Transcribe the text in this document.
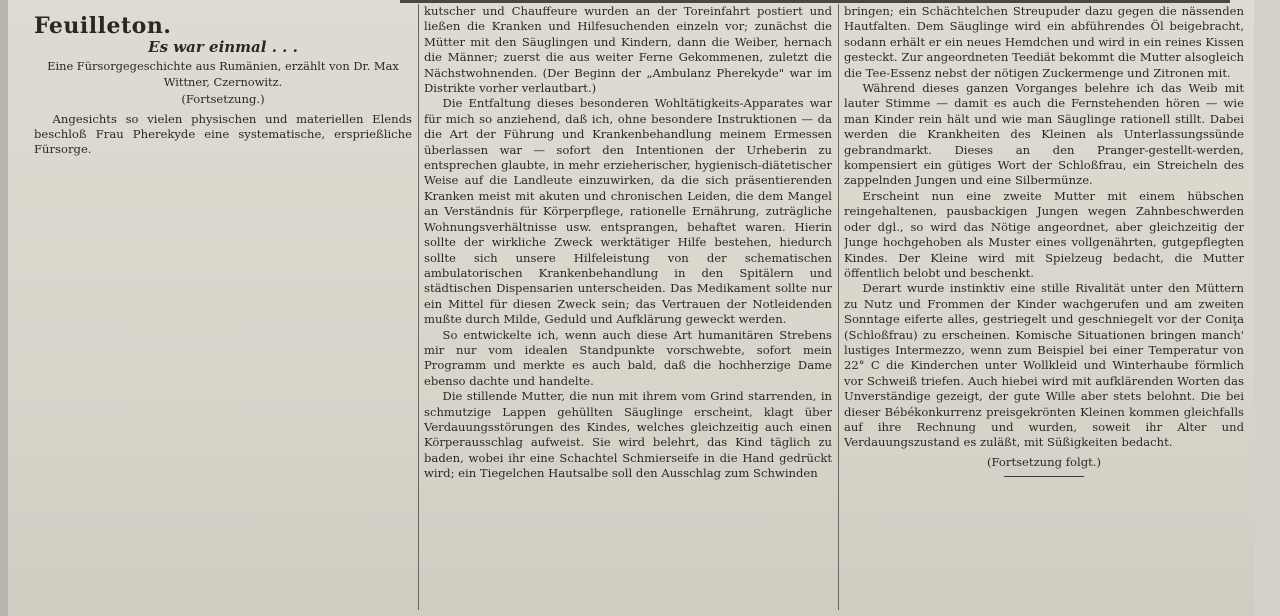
Feuilleton.
Es war einmal . . .
Eine Fürsorgegeschichte aus Rumänien, erzählt von Dr. Max Wittner, Czernowitz.
(Fortsetzung.)

Angesichts so vielen physischen und materiellen Elends beschloß Frau Pherekyde eine systematische, ersprießliche Fürsorge.

kutscher und Chauffeure wurden an der Toreinfahrt postiert und ließen die Kranken und Hilfesuchenden einzeln vor; zunächst die Mütter mit den Säuglingen und Kindern, dann die Weiber, hernach die Männer; zuerst die aus weiter Ferne Gekommenen, zuletzt die Nächstwohnenden. (Der Beginn der „Ambulanz Pherekyde" war im Distrikte vorher verlautbart.)

Die Entfaltung dieses besonderen Wohltätigkeits-Apparates war für mich so anziehend, daß ich, ohne besondere Instruktionen — da die Art der Führung und Krankenbehandlung meinem Ermessen überlassen war — sofort den Intentionen der Urheberin zu entsprechen glaubte, in mehr erzieherischer, hygienisch-diätetischer Weise auf die Landleute einzuwirken, da die sich präsentierenden Kranken meist mit akuten und chronischen Leiden, die dem Mangel an Verständnis für Körperpflege, rationelle Ernährung, zuträgliche Wohnungsverhältnisse usw. entsprangen, behaftet waren. Hierin sollte der wirkliche Zweck werktätiger Hilfe bestehen, hiedurch sollte sich unsere Hilfeleistung von der schematischen ambulatorischen Krankenbehandlung in den Spitälern und städtischen Dispensarien unterscheiden. Das Medikament sollte nur ein Mittel für diesen Zweck sein; das Vertrauen der Notleidenden mußte durch Milde, Geduld und Aufklärung geweckt werden.

So entwickelte ich, wenn auch diese Art humanitären Strebens mir nur vom idealen Standpunkte vorschwebte, sofort mein Programm und merkte es auch bald, daß die hochherzige Dame ebenso dachte und handelte.

Die stillende Mutter, die nun mit ihrem vom Grind starrenden, in schmutzige Lappen gehüllten Säuglinge erscheint, klagt über Verdauungsstörungen des Kindes, welches gleichzeitig auch einen Körperausschlag aufweist. Sie wird belehrt, das Kind täglich zu baden, wobei ihr eine Schachtel Schmierseife in die Hand gedrückt wird; ein Tiegelchen Hautsalbe soll den Ausschlag zum Schwinden

bringen; ein Schächtelchen Streupuder dazu gegen die nässenden Hautfalten. Dem Säuglinge wird ein abführendes Öl beigebracht, sodann erhält er ein neues Hemdchen und wird in ein reines Kissen gesteckt. Zur angeordneten Teediät bekommt die Mutter alsogleich die Tee-Essenz nebst der nötigen Zuckermenge und Zitronen mit.

Während dieses ganzen Vorganges belehre ich das Weib mit lauter Stimme — damit es auch die Fernstehenden hören — wie man Kinder rein hält und wie man Säuglinge rationell stillt. Dabei werden die Krankheiten des Kleinen als Unterlassungssünde gebrandmarkt. Dieses an den Pranger-gestellt-werden, kompensiert ein gütiges Wort der Schloßfrau, ein Streicheln des zappelnden Jungen und eine Silbermünze.

Erscheint nun eine zweite Mutter mit einem hübschen reingehaltenen, pausbackigen Jungen wegen Zahnbeschwerden oder dgl., so wird das Nötige angeordnet, aber gleichzeitig der Junge hochgehoben als Muster eines vollgenährten, gutgepflegten Kindes. Der Kleine wird mit Spielzeug bedacht, die Mutter öffentlich belobt und beschenkt.

Derart wurde instinktiv eine stille Rivalität unter den Müttern zu Nutz und Frommen der Kinder wachgerufen und am zweiten Sonntage eiferte alles, gestriegelt und geschniegelt vor der Coniţa (Schloßfrau) zu erscheinen. Komische Situationen bringen manch' lustiges Intermezzo, wenn zum Beispiel bei einer Temperatur von 22° C die Kinderchen unter Wollkleid und Winterhaube förmlich vor Schweiß triefen. Auch hiebei wird mit aufklärenden Worten das Unverständige gezeigt, der gute Wille aber stets belohnt. Die bei dieser Bébékonkurrenz preisgekrönten Kleinen kommen gleichfalls auf ihre Rechnung und wurden, soweit ihr Alter und Verdauungszustand es zuläßt, mit Süßigkeiten bedacht.

(Fortsetzung folgt.)
